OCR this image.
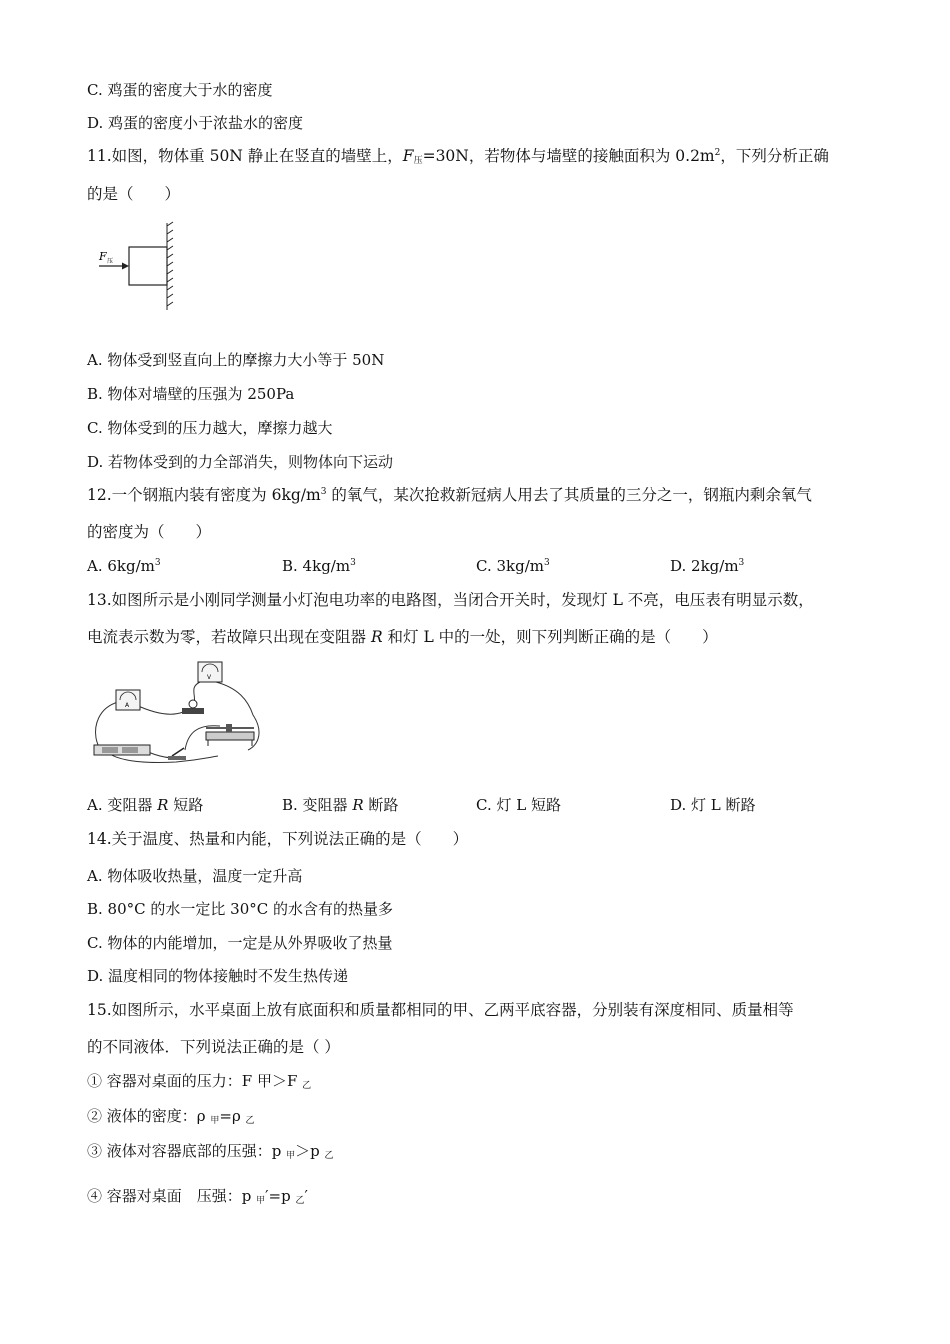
C. 鸡蛋的密度大于水的密度
D. 鸡蛋的密度小于浓盐水的密度
11.如图，物体重 50N 静止在竖直的墙壁上，$F_压=30N$，若物体与墙壁的接触面积为 $0.2m^2$，下列分析正确
的是（　　）
F 压
A. 物体受到竖直向上的摩擦力大小等于 50N
B. 物体对墙壁的压强为 250Pa
C. 物体受到的压力越大，摩擦力越大
D. 若物体受到的力全部消失，则物体向下运动
12.一个钢瓶内装有密度为 $6kg/m^3$ 的氧气，某次抢救新冠病人用去了其质量的三分之一，钢瓶内剩余氧气
的密度为（　　）
A. $6kg/m^3$	B. $4kg/m^3$	C. $3kg/m^3$	D. $2kg/m^3$
13.如图所示是小刚同学测量小灯泡电功率的电路图，当闭合开关时，发现灯 L 不亮，电压表有明显示数，
电流表示数为零，若故障只出现在变阻器 R 和灯 L 中的一处，则下列判断正确的是（　　）
A
V
A. 变阻器 R 短路	B. 变阻器 R 断路	C. 灯 L 短路	D. 灯 L 断路
14.关于温度、热量和内能，下列说法正确的是（　　）
A. 物体吸收热量，温度一定升高
B. 80°C 的水一定比 30°C 的水含有的热量多
C. 物体的内能增加，一定是从外界吸收了热量
D. 温度相同的物体接触时不发生热传递
15.如图所示，水平桌面上放有底面积和质量都相同的甲、乙两平底容器，分别装有深度相同、质量相等
的不同液体．下列说法正确的是（ ）
① 容器对桌面的压力：F 甲＞F $_乙$
② 液体的密度：ρ $_甲$=ρ $_乙$
③ 液体对容器底部的压强：p $_甲$＞p $_乙$
④ 容器对桌面　压强：p $_甲$′=p $_乙$′
